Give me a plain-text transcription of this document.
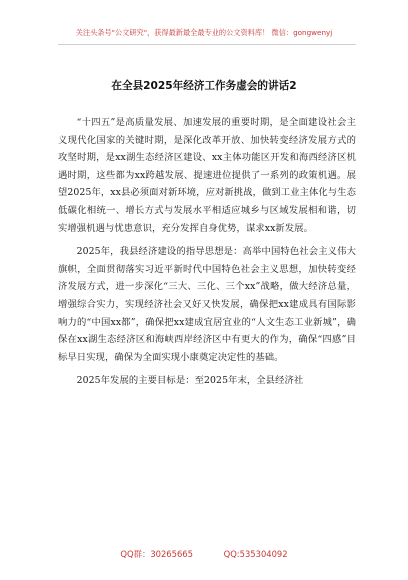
关注头条号"公文研究"，获得最新最全最专业的公文资料库！ 微信：gongwenyj
在全县2025年经济工作务虚会的讲话2

“十四五”是高质量发展、加速发展的重要时期，是全面建设社会主义现代化国家的关键时期，是深化改革开放、加快转变经济发展方式的攻坚时期，是xx湖生态经济区建设、xx主体功能区开发和海西经济区机遇时期，这些都为xx跨越发展、提速进位提供了一系列的政策机遇。展望2025年，xx县必须面对新环境，应对新挑战，做到工业主体化与生态低碳化相统一、增长方式与发展水平相适应城乡与区域发展相和谐，切实增强机遇与忧患意识，充分发挥自身优势，谋求xx新发展。

2025年，我县经济建设的指导思想是：高举中国特色社会主义伟大旗帜，全面贯彻落实习近平新时代中国特色社会主义思想，加快转变经济发展方式，进一步深化“三大、三化、三个xx”战略，做大经济总量，增强综合实力，实现经济社会又好又快发展，确保把xx建成具有国际影响力的“中国xx都”，确保把xx建成宜居宜业的“人文生态工业新城”，确保在xx湖生态经济区和海峡西岸经济区中有更大的作为，确保“四感”目标早日实现，确保为全面实现小康奠定决定性的基础。

2025年发展的主要目标是：至2025年末，全县经济社

QQ群：30265665	QQ:535304092
